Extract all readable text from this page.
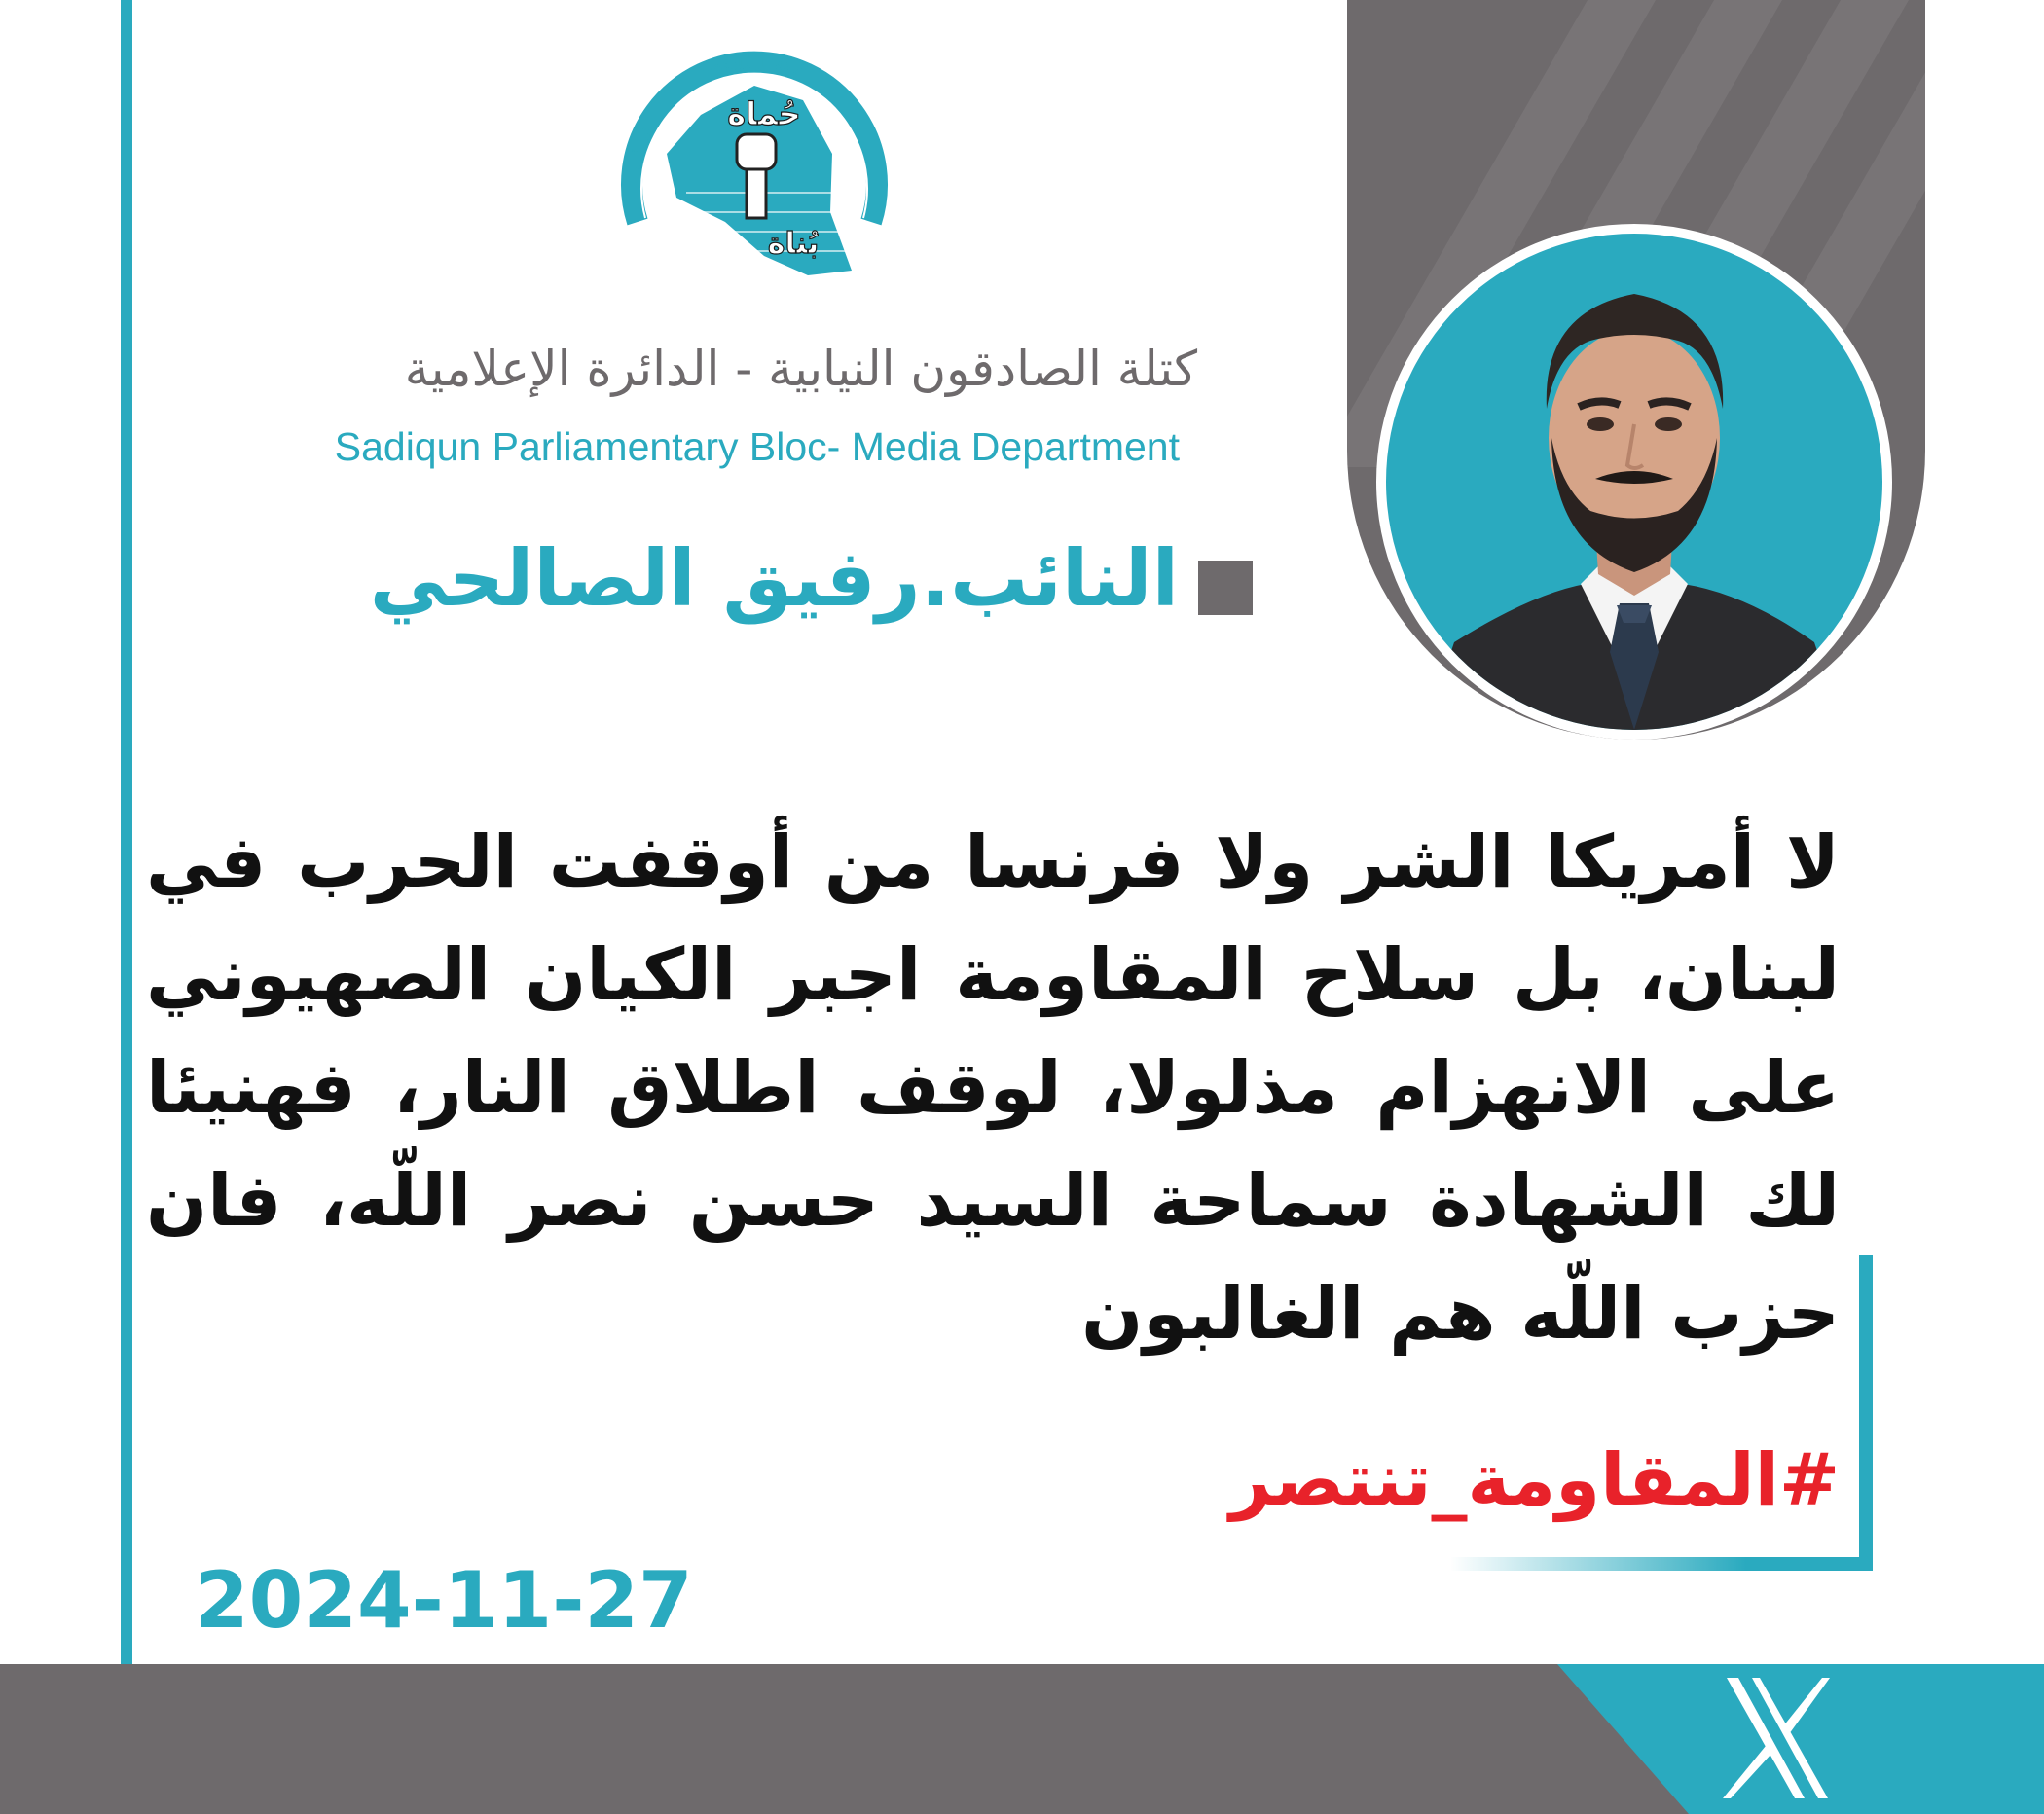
حركة الصادقون
الله أكبر
حُماة
بُناة
كتلة الصادقون النيابية - الدائرة الإعلامية
Sadiqun Parliamentary Bloc- Media Department
النائب.رفيق الصالحي
لا أمريكا الشر ولا فرنسا من أوقفت الحرب في لبنان، بل سلاح المقاومة اجبر الكيان الصهيوني على الانهزام مذلولا، لوقف اطلاق النار، فهنيئا لك الشهادة سماحة السيد حسن نصر اللّه، فان حزب اللّه هم الغالبون
#المقاومة_تنتصر
2024-11-27
